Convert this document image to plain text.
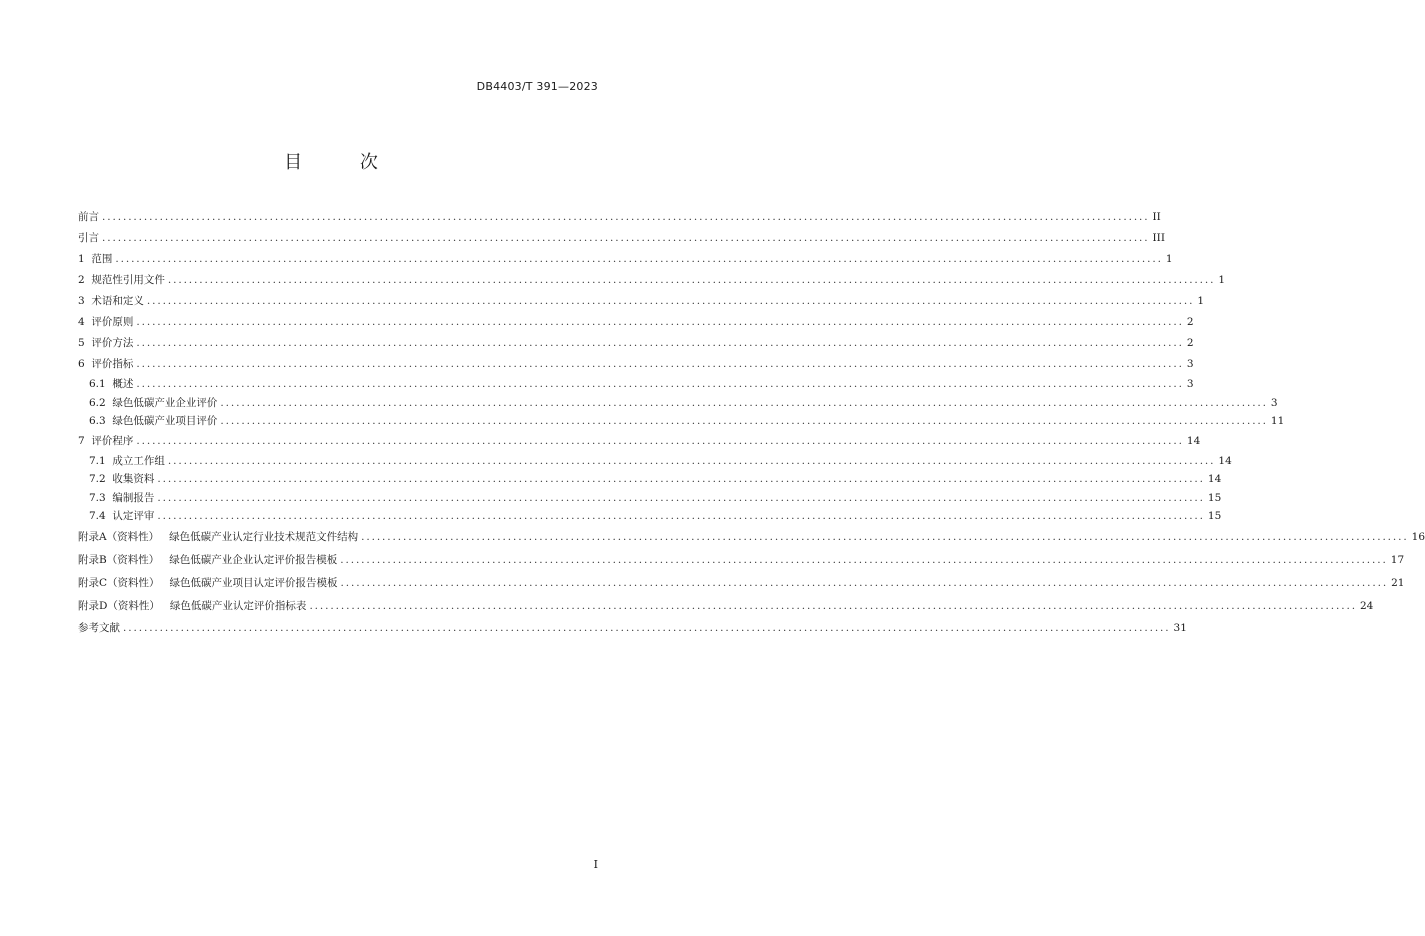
DB4403/T 391—2023
目 次
前言 ........................................................................................................................................................................................................ II
引言 ........................................................................................................................................................................................................ III
1  范围 ........................................................................................................................................................................................................ 1
2  规范性引用文件 ........................................................................................................................................................................................................ 1
3  术语和定义 ........................................................................................................................................................................................................ 1
4  评价原则 ........................................................................................................................................................................................................ 2
5  评价方法 ........................................................................................................................................................................................................ 2
6  评价指标 ........................................................................................................................................................................................................ 3
6.1  概述 ........................................................................................................................................................................................................ 3
6.2  绿色低碳产业企业评价 ........................................................................................................................................................................................................ 3
6.3  绿色低碳产业项目评价 ........................................................................................................................................................................................................ 11
7  评价程序 ........................................................................................................................................................................................................ 14
7.1  成立工作组 ........................................................................................................................................................................................................ 14
7.2  收集资料 ........................................................................................................................................................................................................ 14
7.3  编制报告 ........................................................................................................................................................................................................ 15
7.4  认定评审 ........................................................................................................................................................................................................ 15
附录A（资料性）   绿色低碳产业认定行业技术规范文件结构 ........................................................................................................................................................................................................ 16
附录B（资料性）   绿色低碳产业企业认定评价报告模板 ........................................................................................................................................................................................................ 17
附录C（资料性）   绿色低碳产业项目认定评价报告模板 ........................................................................................................................................................................................................ 21
附录D（资料性）   绿色低碳产业认定评价指标表 ........................................................................................................................................................................................................ 24
参考文献 ........................................................................................................................................................................................................ 31
I
